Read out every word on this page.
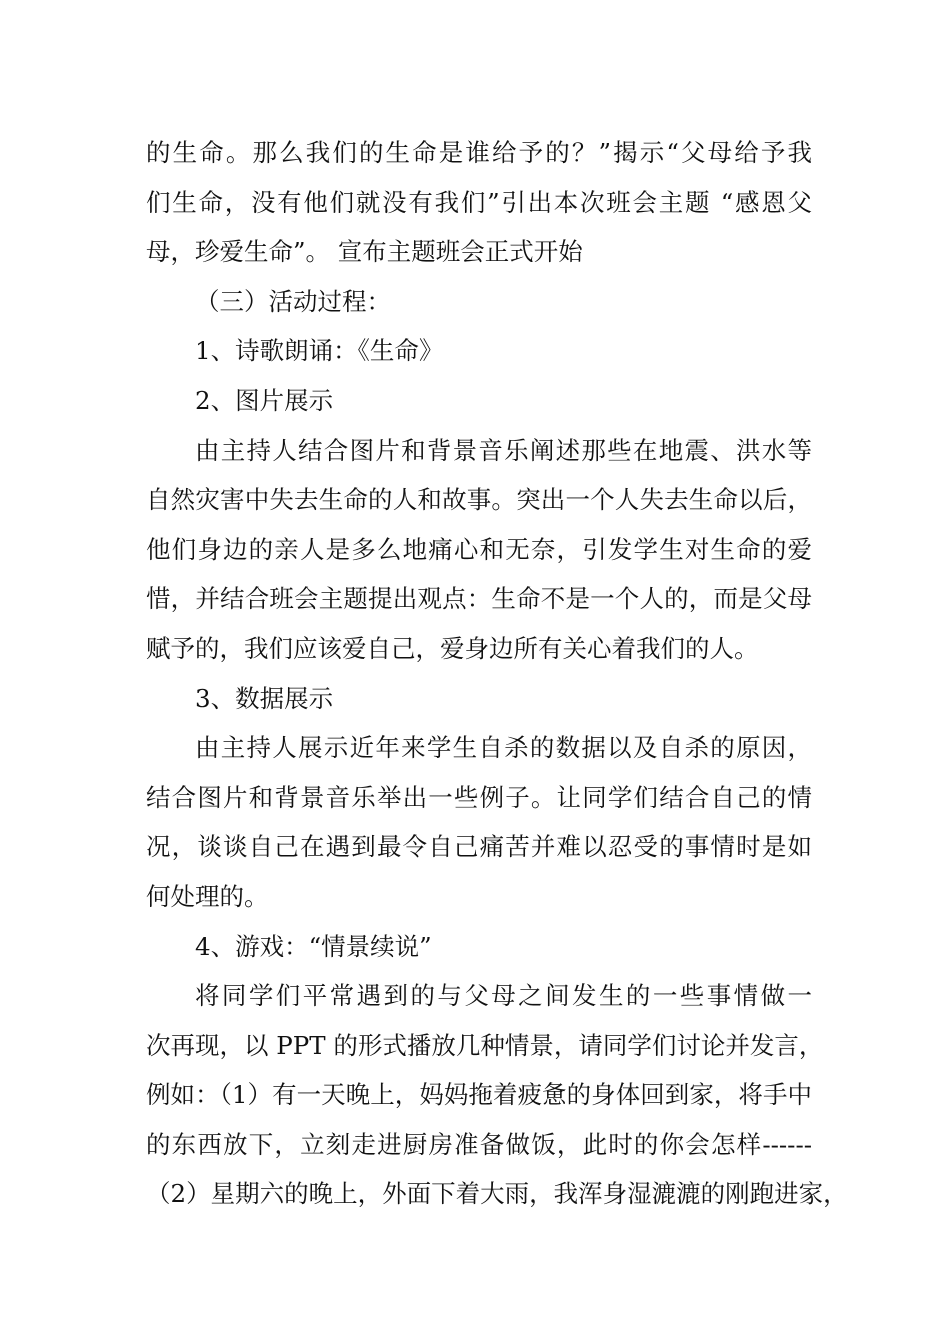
的生命。那么我们的生命是谁给予的？”揭示“父母给予我
们生命，没有他们就没有我们”引出本次班会主题 “感恩父
母，珍爱生命”。 宣布主题班会正式开始
（三）活动过程：
1、诗歌朗诵：《生命》
2、图片展示
由主持人结合图片和背景音乐阐述那些在地震、洪水等
自然灾害中失去生命的人和故事。突出一个人失去生命以后，
他们身边的亲人是多么地痛心和无奈，引发学生对生命的爱
惜，并结合班会主题提出观点：生命不是一个人的，而是父母
赋予的，我们应该爱自己，爱身边所有关心着我们的人。
3、数据展示
由主持人展示近年来学生自杀的数据以及自杀的原因，
结合图片和背景音乐举出一些例子。让同学们结合自己的情
况，谈谈自己在遇到最令自己痛苦并难以忍受的事情时是如
何处理的。
4、游戏：“情景续说”
将同学们平常遇到的与父母之间发生的一些事情做一
次再现，以 PPT 的形式播放几种情景，请同学们讨论并发言，
例如：（1）有一天晚上，妈妈拖着疲惫的身体回到家，将手中
的东西放下，立刻走进厨房准备做饭，此时的你会怎样------
（2）星期六的晚上，外面下着大雨，我浑身湿漉漉的刚跑进家，
